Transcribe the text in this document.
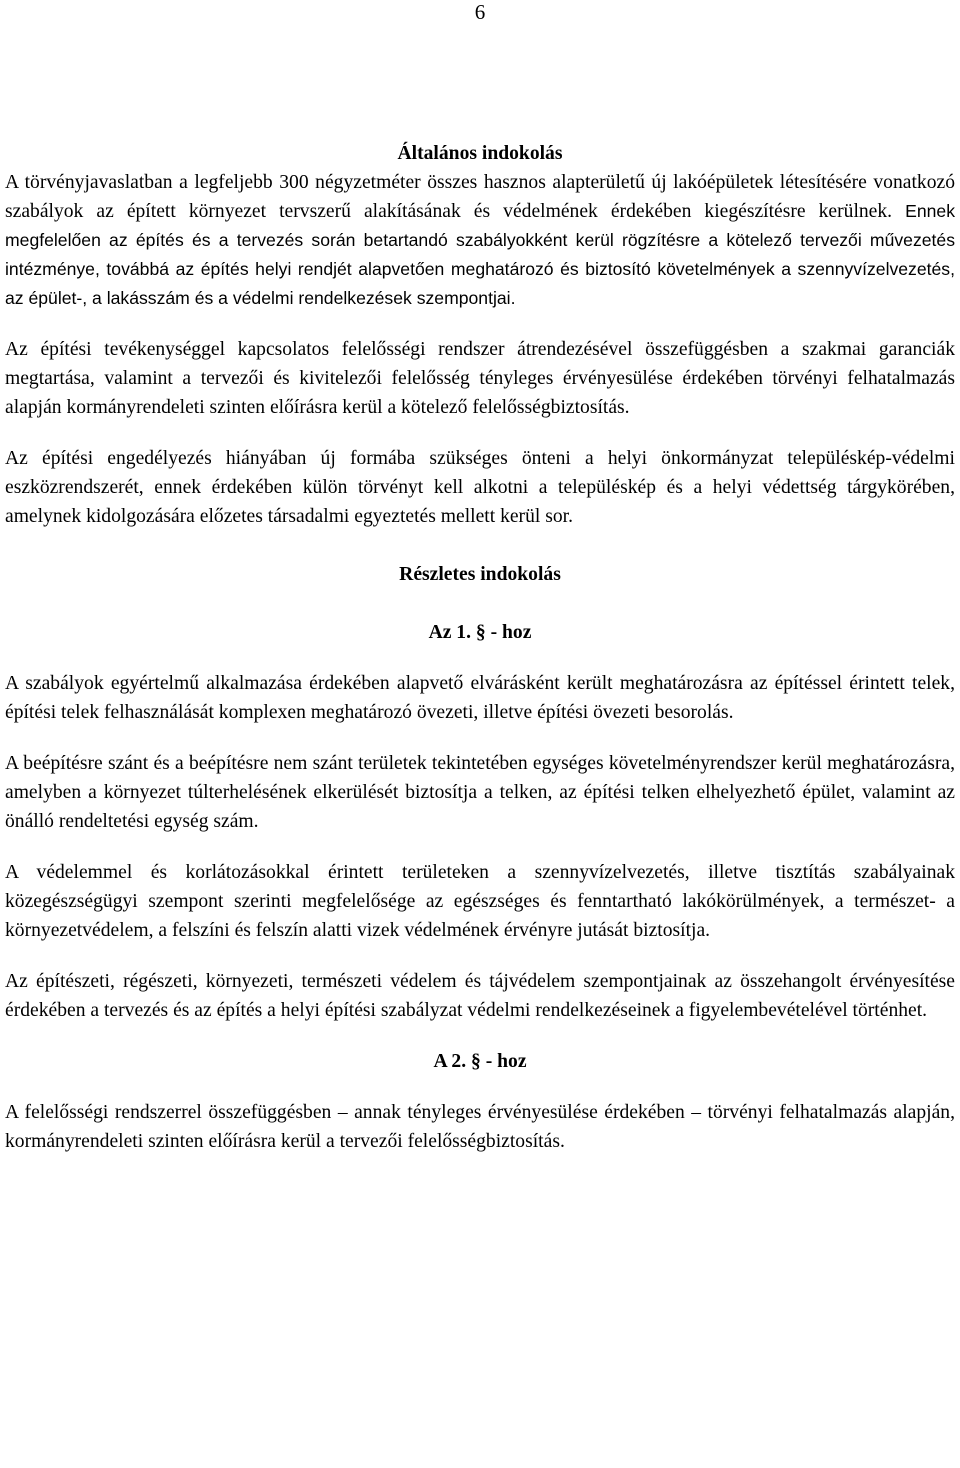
6

Általános indokolás

A törvényjavaslatban a legfeljebb 300 négyzetméter összes hasznos alapterületű új lakóépületek létesítésére vonatkozó szabályok az épített környezet tervszerű alakításának és védelmének érdekében kiegészítésre kerülnek. Ennek megfelelően az építés és a tervezés során betartandó szabályokként kerül rögzítésre a kötelező tervezői művezetés intézménye, továbbá az építés helyi rendjét alapvetően meghatározó és biztosító követelmények a szennyvízelvezetés, az épület-, a lakásszám és a védelmi rendelkezések szempontjai.

Az építési tevékenységgel kapcsolatos felelősségi rendszer átrendezésével összefüggésben a szakmai garanciák megtartása, valamint a tervezői és kivitelezői felelősség tényleges érvényesülése érdekében törvényi felhatalmazás alapján kormányrendeleti szinten előírásra kerül a kötelező felelősségbiztosítás.

Az építési engedélyezés hiányában új formába szükséges önteni a helyi önkormányzat településkép-védelmi eszközrendszerét, ennek érdekében külön törvényt kell alkotni a településkép és a helyi védettség tárgykörében, amelynek kidolgozására előzetes társadalmi egyeztetés mellett kerül sor.

Részletes indokolás

Az 1. § - hoz

A szabályok egyértelmű alkalmazása érdekében alapvető elvárásként került meghatározásra az építéssel érintett telek, építési telek felhasználását komplexen meghatározó övezeti, illetve építési övezeti besorolás.

A beépítésre szánt és a beépítésre nem szánt területek tekintetében egységes követelményrendszer kerül meghatározásra, amelyben a környezet túlterhelésének elkerülését biztosítja a telken, az építési telken elhelyezhető épület, valamint az önálló rendeltetési egység szám.

A védelemmel és korlátozásokkal érintett területeken a szennyvízelvezetés, illetve tisztítás szabályainak közegészségügyi szempont szerinti megfelelősége az egészséges és fenntartható lakókörülmények, a természet- a környezetvédelem, a felszíni és felszín alatti vizek védelmének érvényre jutását biztosítja.

Az építészeti, régészeti, környezeti, természeti védelem és tájvédelem szempontjainak az összehangolt érvényesítése érdekében a tervezés és az építés a helyi építési szabályzat védelmi rendelkezéseinek a figyelembevételével történhet.

A 2. § - hoz

A felelősségi rendszerrel összefüggésben – annak tényleges érvényesülése érdekében – törvényi felhatalmazás alapján, kormányrendeleti szinten előírásra kerül a tervezői felelősségbiztosítás.
